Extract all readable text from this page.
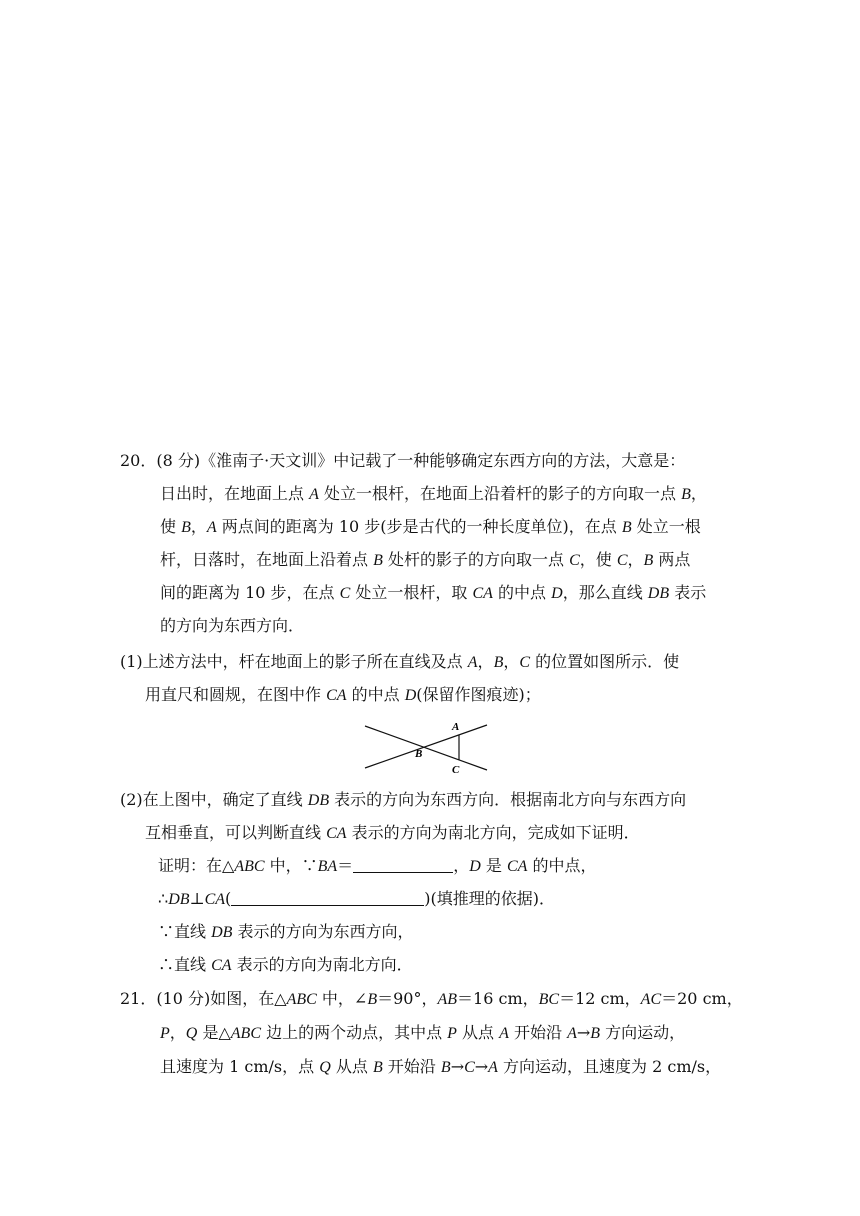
20．(8 分)《淮南子·天文训》中记载了一种能够确定东西方向的方法，大意是：
日出时，在地面上点 A 处立一根杆，在地面上沿着杆的影子的方向取一点 B，
使 B，A 两点间的距离为 10 步(步是古代的一种长度单位)，在点 B 处立一根
杆，日落时，在地面上沿着点 B 处杆的影子的方向取一点 C，使 C，B 两点
间的距离为 10 步，在点 C 处立一根杆，取 CA 的中点 D，那么直线 DB 表示
的方向为东西方向．
(1)上述方法中，杆在地面上的影子所在直线及点 A，B，C 的位置如图所示．使
用直尺和圆规，在图中作 CA 的中点 D(保留作图痕迹)；
A
B
C
(2)在上图中，确定了直线 DB 表示的方向为东西方向．根据南北方向与东西方向
互相垂直，可以判断直线 CA 表示的方向为南北方向，完成如下证明．
证明：在△ABC 中，∵BA＝	，D 是 CA 的中点，
∴DB⊥CA(	)(填推理的依据)．
∵直线 DB 表示的方向为东西方向，
∴直线 CA 表示的方向为南北方向．
21．(10 分)如图，在△ABC 中，∠B＝90°，AB＝16 cm，BC＝12 cm，AC＝20 cm，
P，Q 是△ABC 边上的两个动点，其中点 P 从点 A 开始沿 A→B 方向运动，
且速度为 1 cm/s，点 Q 从点 B 开始沿 B→C→A 方向运动，且速度为 2 cm/s，
